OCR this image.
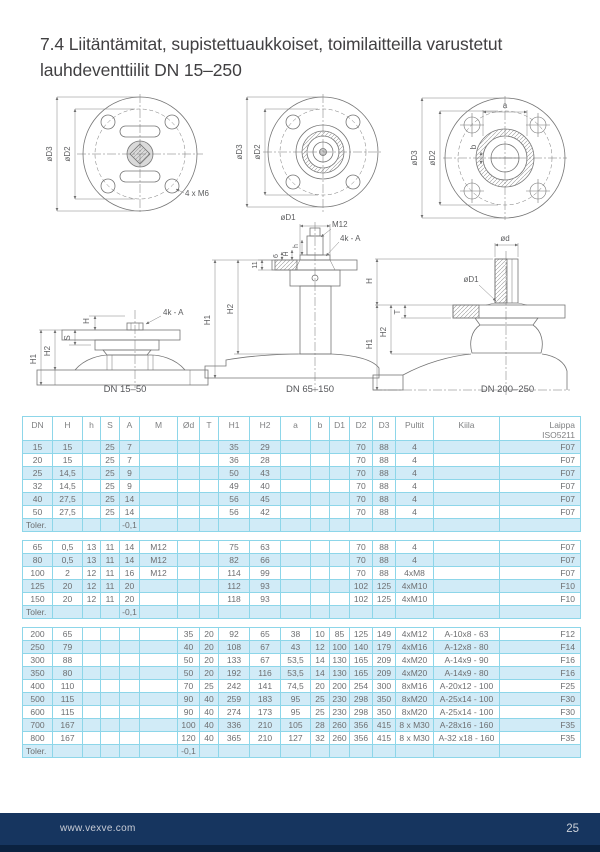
7.4 Liitäntämitat, supistettuaukkoiset, toimilaitteilla varustetut
lauhdeventtiilit DN 15–250
øD3 øD2
4 x M6
øD3 øD2	øD3 øD2
a
b
H
4k - A
S
H2
H1
øD1
M12
4k - A
h
H
6
11
H2
H1
ød
øD1
H
T
H2
H1
DN 15–50	DN 65–150	DN 200–250
DN	H	h	S	A	M	Ød	T	H1	H2	a	b	D1	D2	D3	Pultit	Kiila	Laippa
ISO5211

15	15		25	7				35	29				70	88	4		F07
20	15		25	7				36	28				70	88	4		F07
25	14,5		25	9				50	43				70	88	4		F07
32	14,5		25	9				49	40				70	88	4		F07
40	27,5		25	14				56	45				70	88	4		F07
50	27,5		25	14				56	42				70	88	4		F07
Toler.				-0,1													
65	0,5	13	11	14	M12			75	63				70	88	4		F07
80	0,5	13	11	14	M12			82	66				70	88	4		F07
100	2	12	11	16	M12			114	99				70	88	4xM8		F07
125	20	12	11	20				112	93				102	125	4xM10		F10
150	20	12	11	20				118	93				102	125	4xM10		F10
Toler.				-0,1													
200	65					35	20	92	65	38	10	85	125	149	4xM12	A-10x8 - 63	F12
250	79					40	20	108	67	43	12	100	140	179	4xM16	A-12x8 - 80	F14
300	88					50	20	133	67	53,5	14	130	165	209	4xM20	A-14x9 - 90	F16
350	80					50	20	192	116	53,5	14	130	165	209	4xM20	A-14x9 - 80	F16
400	110					70	25	242	141	74,5	20	200	254	300	8xM16	A-20x12 - 100	F25
500	115					90	40	259	183	95	25	230	298	350	8xM20	A-25x14 - 100	F30
600	115					90	40	274	173	95	25	230	298	350	8xM20	A-25x14 - 100	F30
700	167					100	40	336	210	105	28	260	356	415	8 x M30	A-28x16 - 160	F35
800	167					120	40	365	210	127	32	260	356	415	8 x M30	A-32 x18 - 160	F35
Toler.						-0,1											
www.vexve.com	25
